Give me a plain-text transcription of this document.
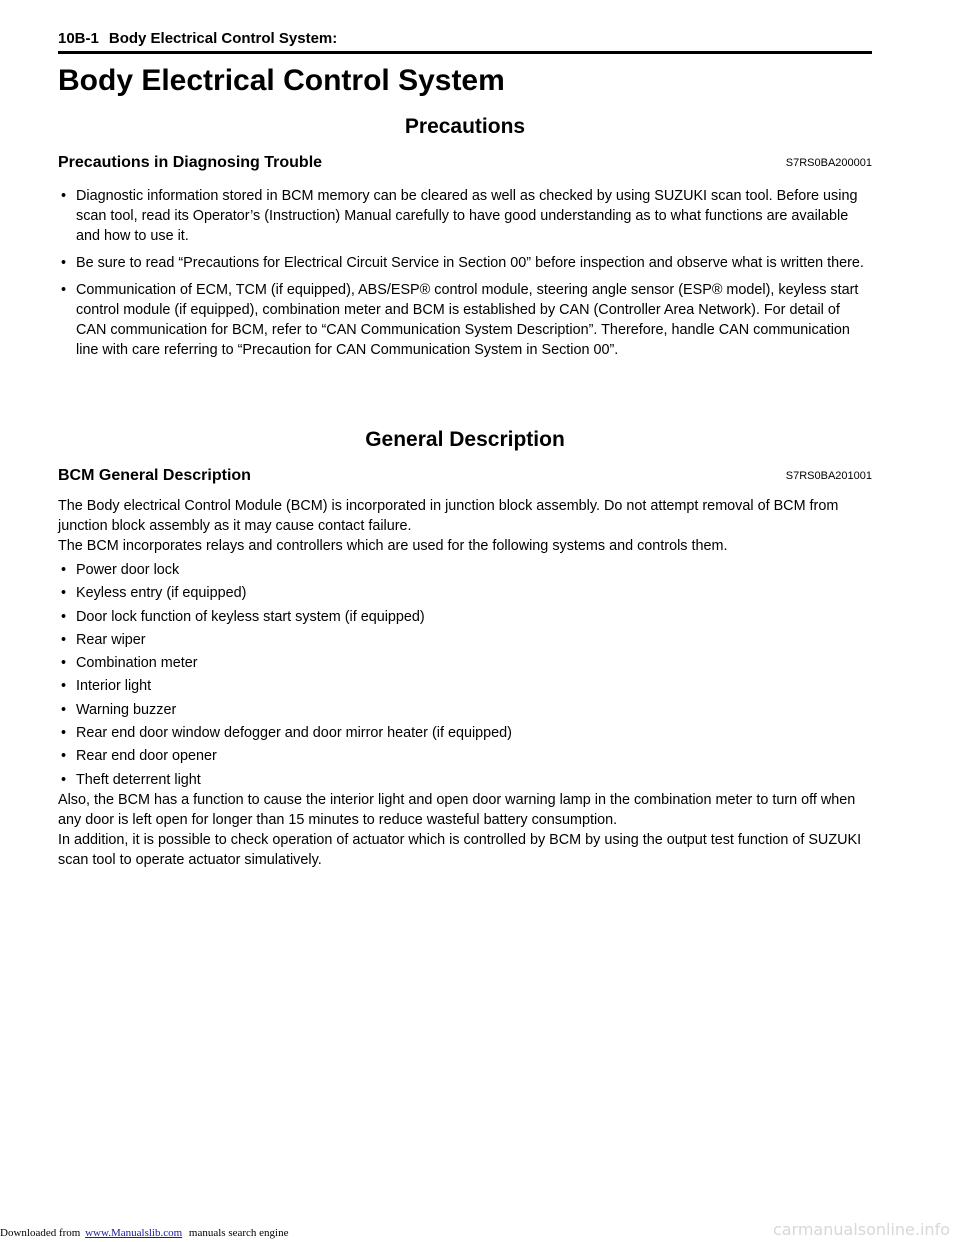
10B-1 Body Electrical Control System:
Body Electrical Control System
Precautions
Precautions in Diagnosing Trouble	S7RS0BA200001
• Diagnostic information stored in BCM memory can be cleared as well as checked by using SUZUKI scan tool. Before using scan tool, read its Operator’s (Instruction) Manual carefully to have good understanding as to what functions are available and how to use it.
• Be sure to read “Precautions for Electrical Circuit Service in Section 00” before inspection and observe what is written there.
• Communication of ECM, TCM (if equipped), ABS/ESP® control module, steering angle sensor (ESP® model), keyless start control module (if equipped), combination meter and BCM is established by CAN (Controller Area Network). For detail of CAN communication for BCM, refer to “CAN Communication System Description”. Therefore, handle CAN communication line with care referring to “Precaution for CAN Communication System in Section 00”.
General Description
BCM General Description	S7RS0BA201001

The Body electrical Control Module (BCM) is incorporated in junction block assembly. Do not attempt removal of BCM from junction block assembly as it may cause contact failure.

The BCM incorporates relays and controllers which are used for the following systems and controls them.

• Power door lock
• Keyless entry (if equipped)
• Door lock function of keyless start system (if equipped)
• Rear wiper
• Combination meter
• Interior light
• Warning buzzer
• Rear end door window defogger and door mirror heater (if equipped)
• Rear end door opener
• Theft deterrent light

Also, the BCM has a function to cause the interior light and open door warning lamp in the combination meter to turn off when any door is left open for longer than 15 minutes to reduce wasteful battery consumption.

In addition, it is possible to check operation of actuator which is controlled by BCM by using the output test function of SUZUKI scan tool to operate actuator simulatively.

Downloaded from www.Manualslib.com manuals search engine	carmanualsonline.info
